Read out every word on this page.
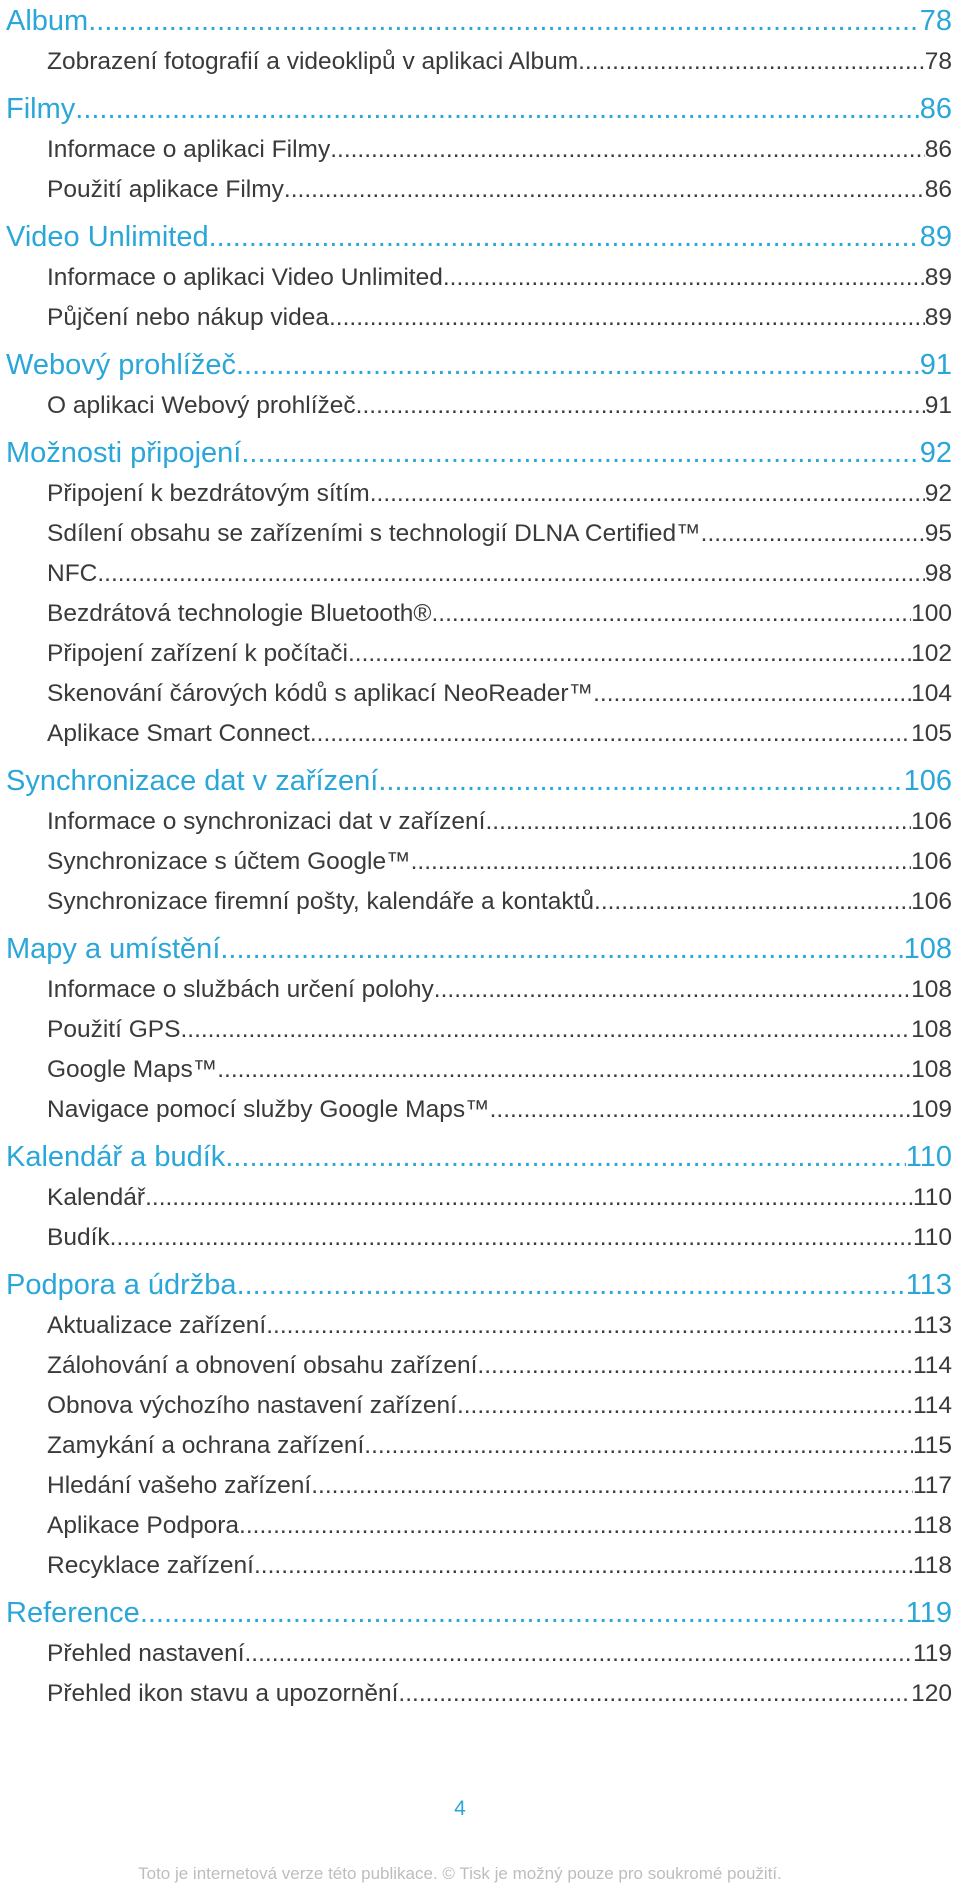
Album .....	78
Zobrazení fotografií a videoklipů v aplikaci Album .....	78
Filmy .....	86
Informace o aplikaci Filmy .....	86
Použití aplikace Filmy .....	86
Video Unlimited .....	89
Informace o aplikaci Video Unlimited .....	89
Půjčení nebo nákup videa .....	89
Webový prohlížeč .....	91
O aplikaci Webový prohlížeč .....	91
Možnosti připojení .....	92
Připojení k bezdrátovým sítím .....	92
Sdílení obsahu se zařízeními s technologií DLNA Certified™ .....	95
NFC .....	98
Bezdrátová technologie Bluetooth® .....	100
Připojení zařízení k počítači .....	102
Skenování čárových kódů s aplikací NeoReader™ .....	104
Aplikace Smart Connect .....	105
Synchronizace dat v zařízení .....	106
Informace o synchronizaci dat v zařízení .....	106
Synchronizace s účtem Google™ .....	106
Synchronizace firemní pošty, kalendáře a kontaktů .....	106
Mapy a umístění .....	108
Informace o službách určení polohy .....	108
Použití GPS .....	108
Google Maps™ .....	108
Navigace pomocí služby Google Maps™ .....	109
Kalendář a budík .....	110
Kalendář .....	110
Budík .....	110
Podpora a údržba .....	113
Aktualizace zařízení .....	113
Zálohování a obnovení obsahu zařízení .....	114
Obnova výchozího nastavení zařízení .....	114
Zamykání a ochrana zařízení .....	115
Hledání vašeho zařízení .....	117
Aplikace Podpora .....	118
Recyklace zařízení .....	118
Reference .....	119
Přehled nastavení .....	119
Přehled ikon stavu a upozornění .....	120
4
Toto je internetová verze této publikace. © Tisk je možný pouze pro soukromé použití.
